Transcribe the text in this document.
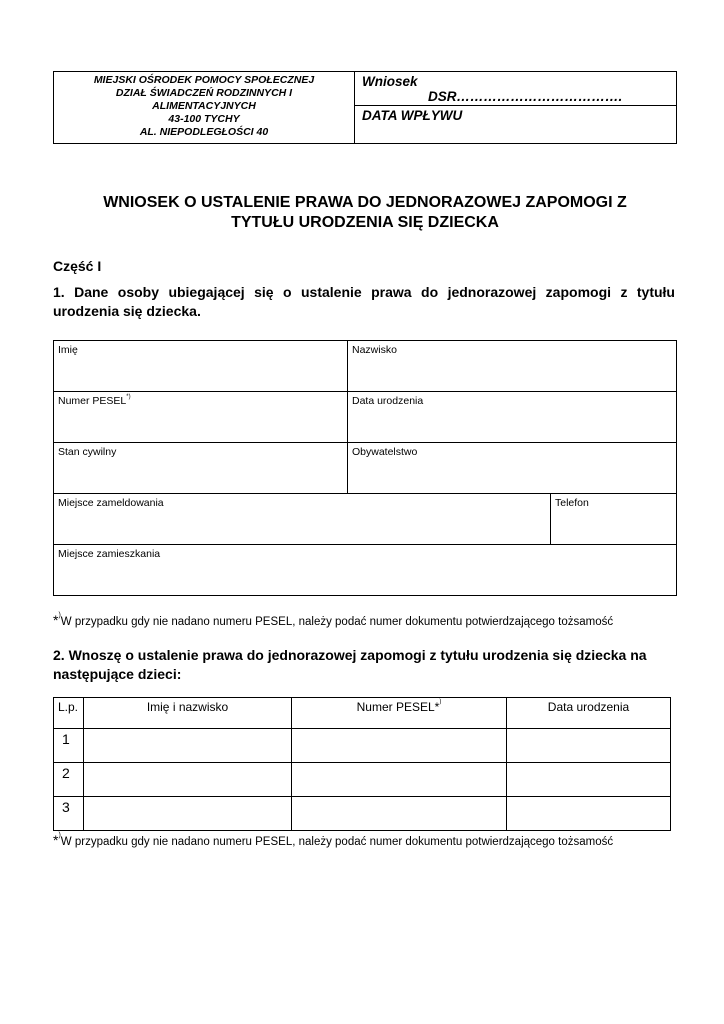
MIEJSKI OŚRODEK POMOCY SPOŁECZNEJ
DZIAŁ ŚWIADCZEŃ RODZINNYCH I
ALIMENTACYJNYCH
43-100 TYCHY
AL. NIEPODLEGŁOŚCI 40
Wniosek
DSR……………………………….
DATA WPŁYWU
WNIOSEK O USTALENIE PRAWA DO JEDNORAZOWEJ ZAPOMOGI Z
TYTUŁU URODZENIA SIĘ DZIECKA
Część I
1. Dane osoby ubiegającej się o ustalenie prawa do jednorazowej zapomogi z tytułu urodzenia się dziecka.
Imię	Nazwisko
Numer PESEL*)	Data urodzenia
Stan cywilny	Obywatelstwo
Miejsce zameldowania	Telefon
Miejsce zamieszkania
*)W przypadku gdy nie nadano numeru PESEL, należy podać numer dokumentu potwierdzającego tożsamość
2. Wnoszę o ustalenie prawa do jednorazowej zapomogi z tytułu urodzenia się dziecka na następujące dzieci:
L.p.	Imię i nazwisko	Numer PESEL*)	Data urodzenia
1
2
3
*)W przypadku gdy nie nadano numeru PESEL, należy podać numer dokumentu potwierdzającego tożsamość
